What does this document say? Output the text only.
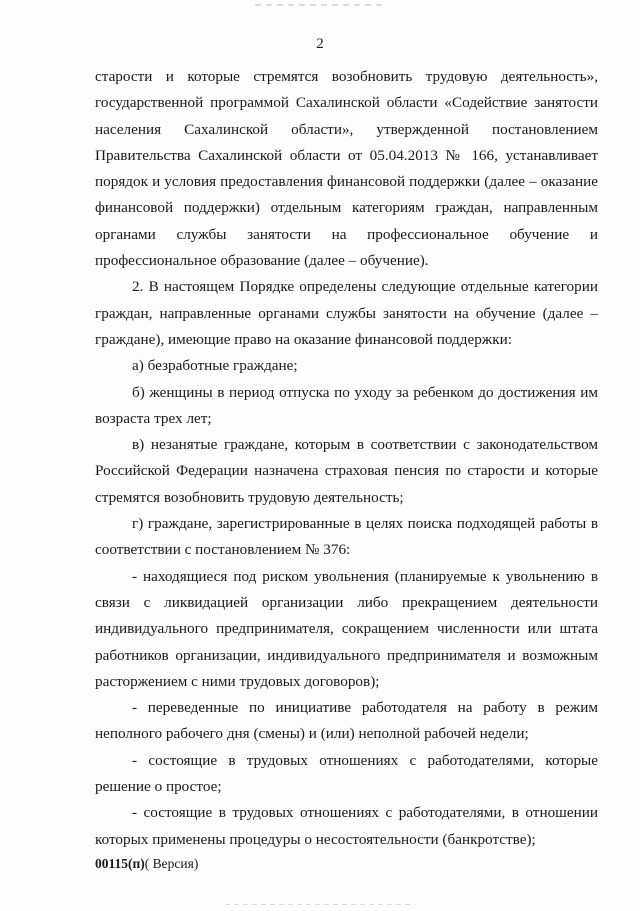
2
старости и которые стремятся возобновить трудовую деятельность»,
государственной программой Сахалинской области «Содействие занятости
населения Сахалинской области», утвержденной постановлением
Правительства Сахалинской области от 05.04.2013 № 166, устанавливает
порядок и условия предоставления финансовой поддержки (далее – оказание
финансовой поддержки) отдельным категориям граждан, направленным
органами службы занятости на профессиональное обучение и
профессиональное образование (далее – обучение).
2. В настоящем Порядке определены следующие отдельные категории
граждан, направленные органами службы занятости на обучение (далее –
граждане), имеющие право на оказание финансовой поддержки:
а) безработные граждане;
б) женщины в период отпуска по уходу за ребенком до достижения им
возраста трех лет;
в) незанятые граждане, которым в соответствии с законодательством
Российской Федерации назначена страховая пенсия по старости и которые
стремятся возобновить трудовую деятельность;
г) граждане, зарегистрированные в целях поиска подходящей работы в
соответствии с постановлением № 376:
- находящиеся под риском увольнения (планируемые к увольнению в
связи с ликвидацией организации либо прекращением деятельности
индивидуального предпринимателя, сокращением численности или штата
работников организации, индивидуального предпринимателя и возможным
расторжением с ними трудовых договоров);
- переведенные по инициативе работодателя на работу в режим
неполного рабочего дня (смены) и (или) неполной рабочей недели;
- состоящие в трудовых отношениях с работодателями, которые
решение о простое;
- состоящие в трудовых отношениях с работодателями, в отношении
которых применены процедуры о несостоятельности (банкротстве);
00115(п)( Версия)
